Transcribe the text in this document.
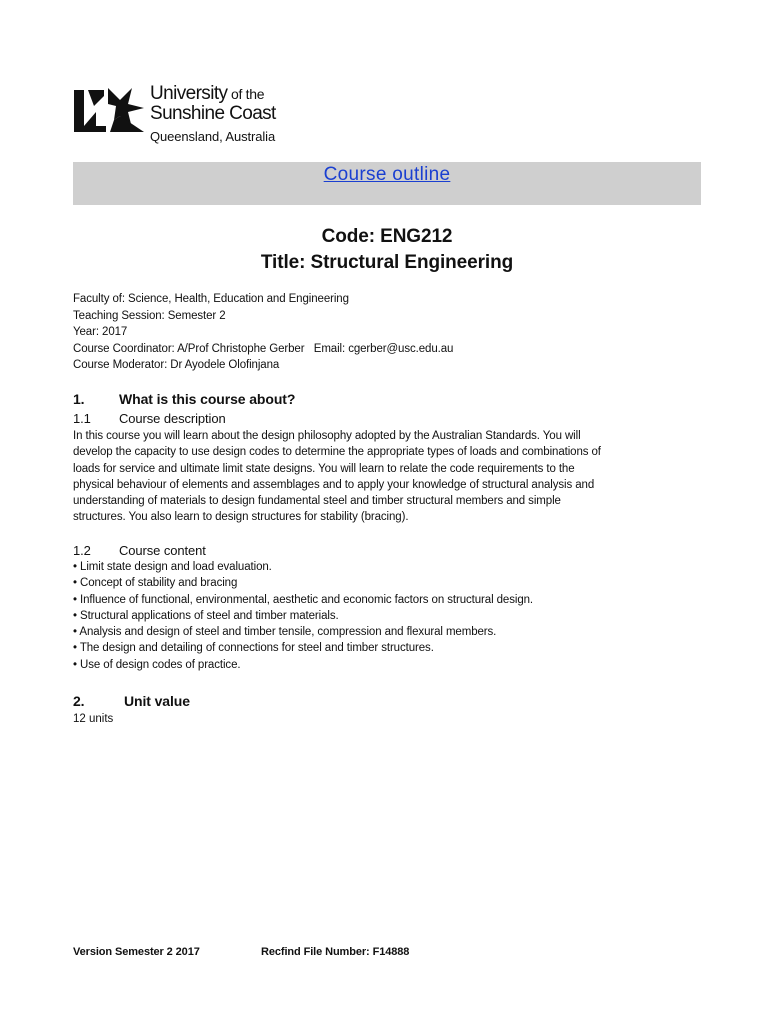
University of the
Sunshine Coast
Queensland, Australia
Course outline
Code: ENG212
Title: Structural Engineering
Faculty of: Science, Health, Education and Engineering
Teaching Session: Semester 2
Year: 2017
Course Coordinator: A/Prof Christophe Gerber   Email: cgerber@usc.edu.au
Course Moderator: Dr Ayodele Olofinjana
1. What is this course about?
1.1 Course description
In this course you will learn about the design philosophy adopted by the Australian Standards. You will
develop the capacity to use design codes to determine the appropriate types of loads and combinations of
loads for service and ultimate limit state designs. You will learn to relate the code requirements to the
physical behaviour of elements and assemblages and to apply your knowledge of structural analysis and
understanding of materials to design fundamental steel and timber structural members and simple
structures. You also learn to design structures for stability (bracing).
1.2 Course content
• Limit state design and load evaluation.
• Concept of stability and bracing
• Influence of functional, environmental, aesthetic and economic factors on structural design.
• Structural applications of steel and timber materials.
• Analysis and design of steel and timber tensile, compression and flexural members.
• The design and detailing of connections for steel and timber structures.
• Use of design codes of practice.
2.	Unit value
12 units
Version Semester 2 2017	Recfind File Number: F14888
